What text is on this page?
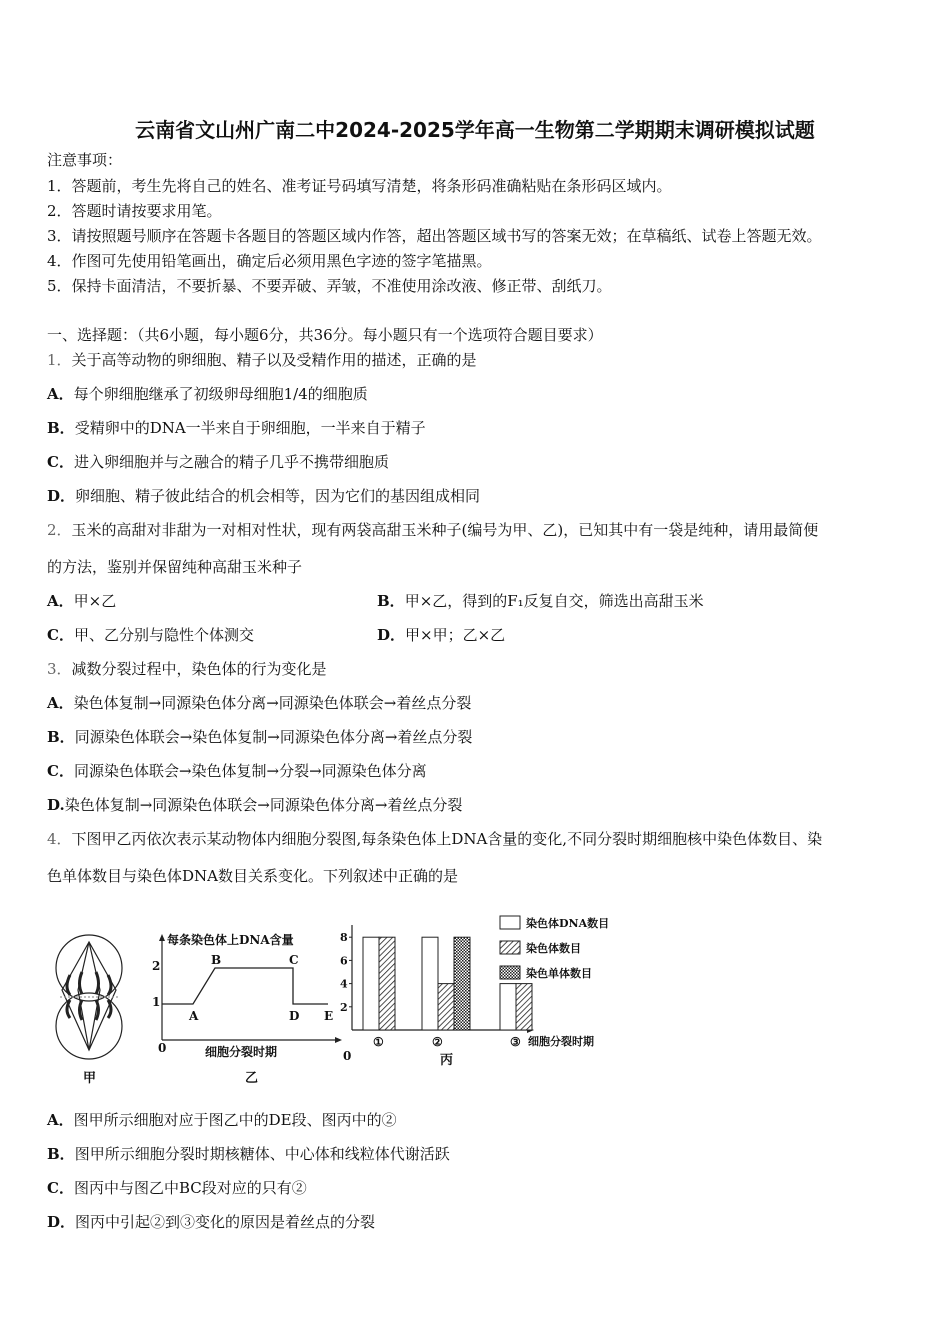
云南省文山州广南二中2024-2025学年高一生物第二学期期末调研模拟试题
注意事项：
1．答题前，考生先将自己的姓名、准考证号码填写清楚，将条形码准确粘贴在条形码区域内。
2．答题时请按要求用笔。
3．请按照题号顺序在答题卡各题目的答题区域内作答，超出答题区域书写的答案无效；在草稿纸、试卷上答题无效。
4．作图可先使用铅笔画出，确定后必须用黑色字迹的签字笔描黑。
5．保持卡面清洁，不要折暴、不要弄破、弄皱，不准使用涂改液、修正带、刮纸刀。
一、选择题：（共6小题，每小题6分，共36分。每小题只有一个选项符合题目要求）
1．关于高等动物的卵细胞、精子以及受精作用的描述，正确的是
A．每个卵细胞继承了初级卵母细胞1/4的细胞质
B．受精卵中的DNA一半来自于卵细胞，一半来自于精子
C．进入卵细胞并与之融合的精子几乎不携带细胞质
D．卵细胞、精子彼此结合的机会相等，因为它们的基因组成相同
2．玉米的高甜对非甜为一对相对性状，现有两袋高甜玉米种子(编号为甲、乙)，已知其中有一袋是纯种，请用最简便
的方法，鉴别并保留纯种高甜玉米种子
A．甲×乙	B．甲×乙，得到的F₁反复自交，筛选出高甜玉米
C．甲、乙分别与隐性个体测交	D．甲×甲；乙×乙
3．减数分裂过程中，染色体的行为变化是
A．染色体复制→同源染色体分离→同源染色体联会→着丝点分裂
B．同源染色体联会→染色体复制→同源染色体分离→着丝点分裂
C．同源染色体联会→染色体复制→分裂→同源染色体分离
D.染色体复制→同源染色体联会→同源染色体分离→着丝点分裂
4．下图甲乙丙依次表示某动物体内细胞分裂图,每条染色体上DNA含量的变化,不同分裂时期细胞核中染色体数目、染
色单体数目与染色体DNA数目关系变化。下列叙述中正确的是
甲
A
B	C
D E
每条染色体上DNA含量
1
2
0	细胞分裂时期
乙
2
4
6
8
①	②	③
0
细胞分裂时期
染色体DNA数目
染色体数目
染色单体数目
丙
A．图甲所示细胞对应于图乙中的DE段、图丙中的②
B．图甲所示细胞分裂时期核糖体、中心体和线粒体代谢活跃
C．图丙中与图乙中BC段对应的只有②
D．图丙中引起②到③变化的原因是着丝点的分裂
